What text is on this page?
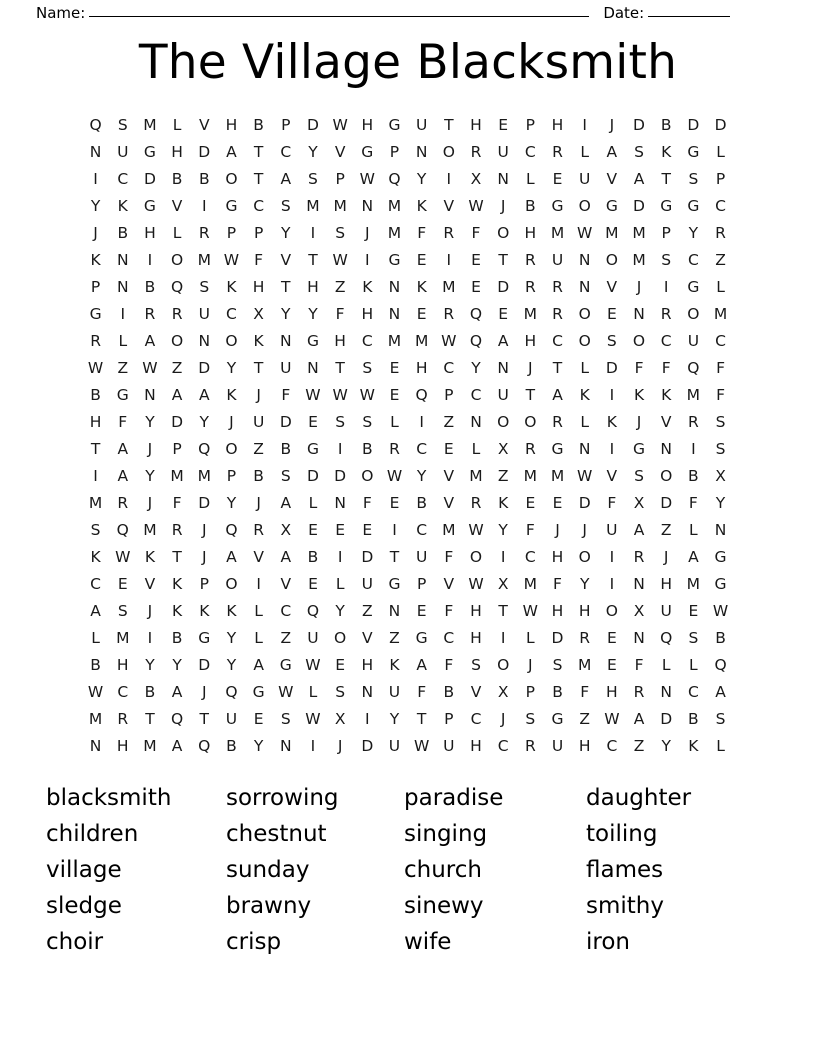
Name:	Date:
The Village Blacksmith
Q	S	M	L	V	H	B	P	D W H G U	T	H	E	P	H	I	J	D	B	D D
N	U G H D	A	T	C	Y	V	G	P	N O	R	U	C	R	L	A	S	K	G	L
I	C	D	B	B	O	T	A	S	P W Q	Y	I	X	N	L	E	U	V	A	T	S	P
Y	K	G	V	I	G	C	S	M M N M K	V W	J	B	G O G D G G	C
J	B	H	L	R	P	P	Y	I	S	J	M	F	R	F	O H M W M M	P	Y	R
K	N	I	O M W F	V	T W	I	G	E	I	E	T	R	U	N O M	S	C	Z
P	N	B	Q	S	K	H	T	H	Z	K	N	K M	E	D	R	R	N	V	J	I	G	L
G	I	R	R	U	C	X	Y	Y	F	H	N	E	R	Q	E	M R	O	E	N	R	O M
R	L	A	O N O	K	N G H	C M M W Q	A	H	C	O	S	O	C	U	C
W Z W Z	D	Y	T	U	N	T	S	E	H	C	Y	N	J	T	L	D	F	F	Q	F
B	G N	A	A	K	J	F W W W E	Q	P	C	U	T	A	K	I	K	K M	F
H	F	Y	D	Y	J	U	D	E	S	S	L	I	Z	N O O	R	L	K	J	V	R	S
T	A	J	P	Q O	Z	B	G	I	B	R	C	E	L	X	R	G N	I	G N	I	S
I	A	Y	M M	P	B	S	D D O W Y	V M Z M M W V	S	O	B	X
M R	J	F	D	Y	J	A	L	N	F	E	B	V	R	K	E	E	D	F	X	D	F	Y
S	Q M R	J	Q	R	X	E	E	E	I	C M W Y	F	J	J	U	A	Z	L	N
K W K	T	J	A	V	A	B	I	D	T	U	F	O	I	C	H O	I	R	J	A	G
C	E	V	K	P	O	I	V	E	L	U G	P	V W X M	F	Y	I	N	H M G
A	S	J	K	K	K	L	C	Q	Y	Z	N	E	F	H	T W H	H O	X	U	E W
L	M	I	B	G	Y	L	Z	U O	V	Z	G	C	H	I	L	D	R	E	N Q	S	B
B	H	Y	Y	D	Y	A	G W E	H	K	A	F	S	O	J	S	M	E	F	L	L	Q
W C	B	A	J	Q G W L	S	N	U	F	B	V	X	P	B	F	H	R	N	C	A
M R	T	Q	T	U	E	S W X	I	Y	T	P	C	J	S	G	Z W A	D	B	S
N	H M A	Q	B	Y	N	I	J	D	U W U	H	C	R	U	H	C	Z	Y	K	L
blacksmith	sorrowing	paradise	daughter
children	chestnut	singing	toiling
village	sunday	church	flames
sledge	brawny	sinewy	smithy
choir	crisp	wife	iron
